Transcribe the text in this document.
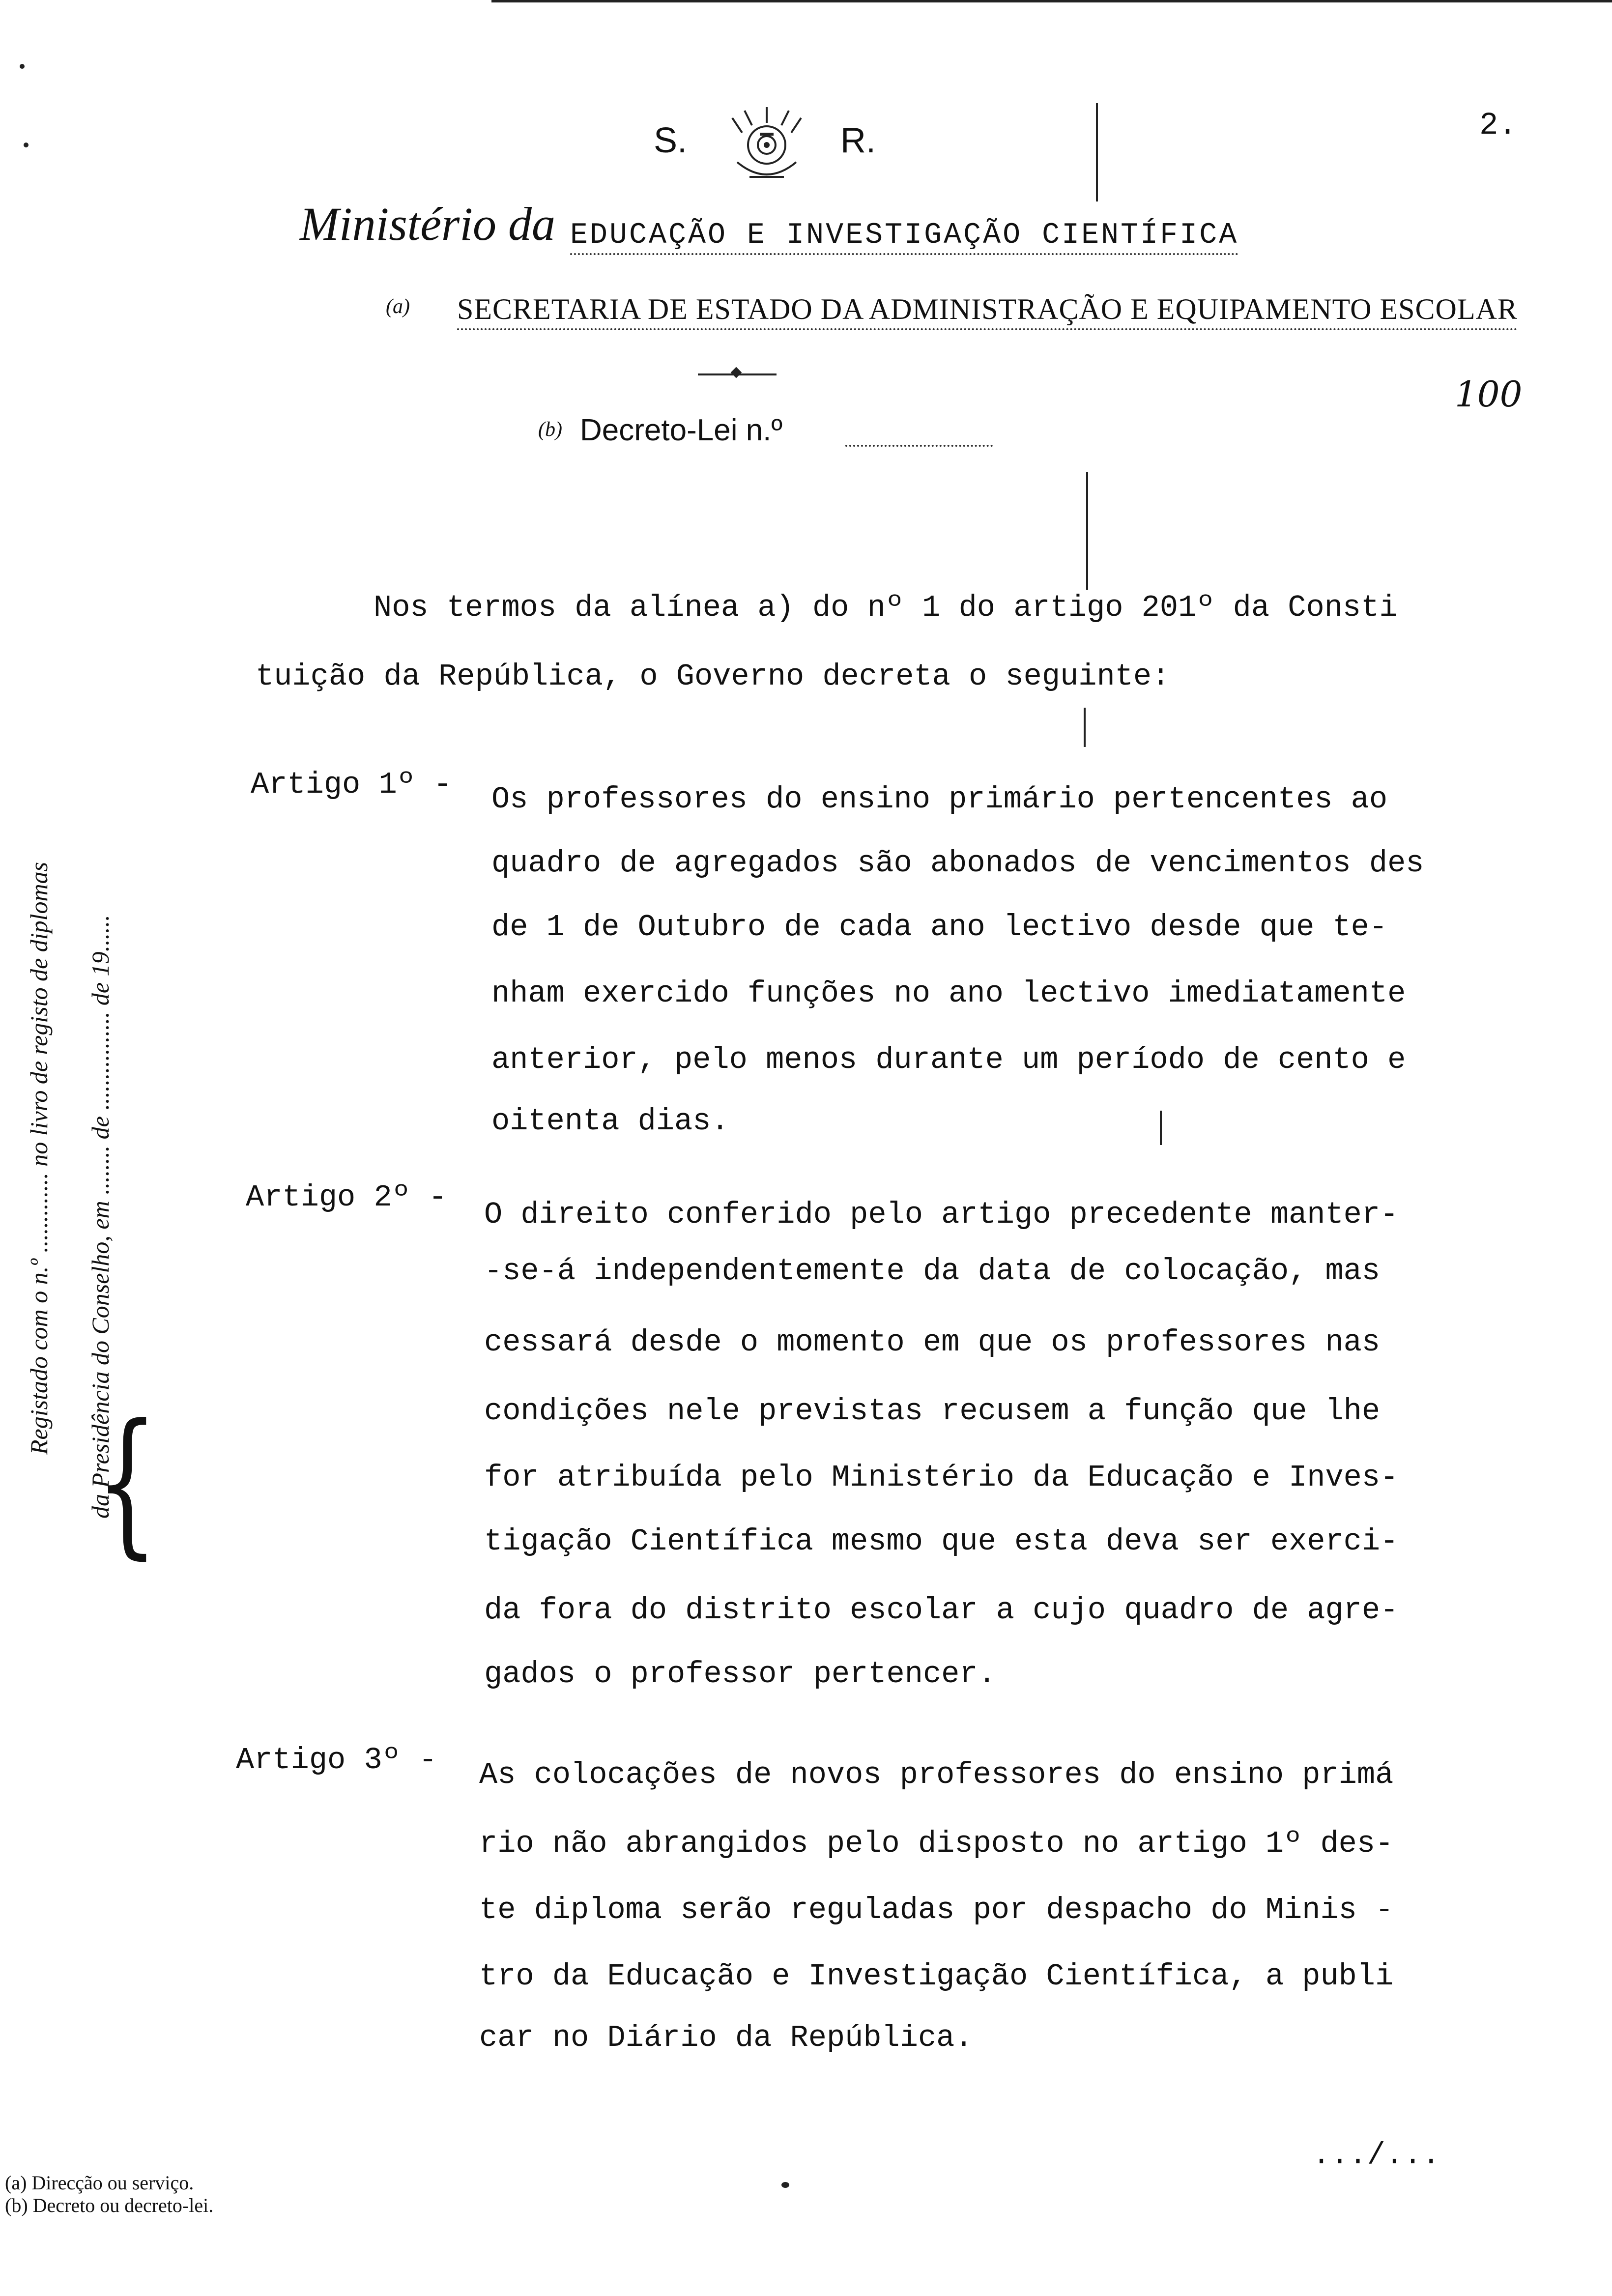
S.	R.	2.
Ministério da EDUCAÇÃO E INVESTIGAÇÃO CIENTÍFICA
(a) SECRETARIA DE ESTADO DA ADMINISTRAÇÃO E EQUIPAMENTO ESCOLAR
(b) Decreto-Lei n.º
100
Nos termos da alínea a) do nº 1 do artigo 201º da Consti
tuição da República, o Governo decreta o seguinte:
Artigo 1º - Os professores do ensino primário pertencentes ao
quadro de agregados são abonados de vencimentos des
de 1 de Outubro de cada ano lectivo desde que te-
nham exercido funções no ano lectivo imediatamente
anterior, pelo menos durante um período de cento e
oitenta dias.
Artigo 2º - O direito conferido pelo artigo precedente manter-
-se-á independentemente da data de colocação, mas
cessará desde o momento em que os professores nas
condições nele previstas recusem a função que lhe
for atribuída pelo Ministério da Educação e Inves-
tigação Científica mesmo que esta deva ser exerci-
da fora do distrito escolar a cujo quadro de agre-
gados o professor pertencer.
Artigo 3º - As colocações de novos professores do ensino primá
rio não abrangidos pelo disposto no artigo 1º des-
te diploma serão reguladas por despacho do Minis -
tro da Educação e Investigação Científica, a publi
car no Diário da República.
.../...
Registado com o n.º ............. no livro de registo de diplomas
{
da Presidência do Conselho, em ........ de ................ de 19......
(a) Direcção ou serviço.
(b) Decreto ou decreto-lei.
